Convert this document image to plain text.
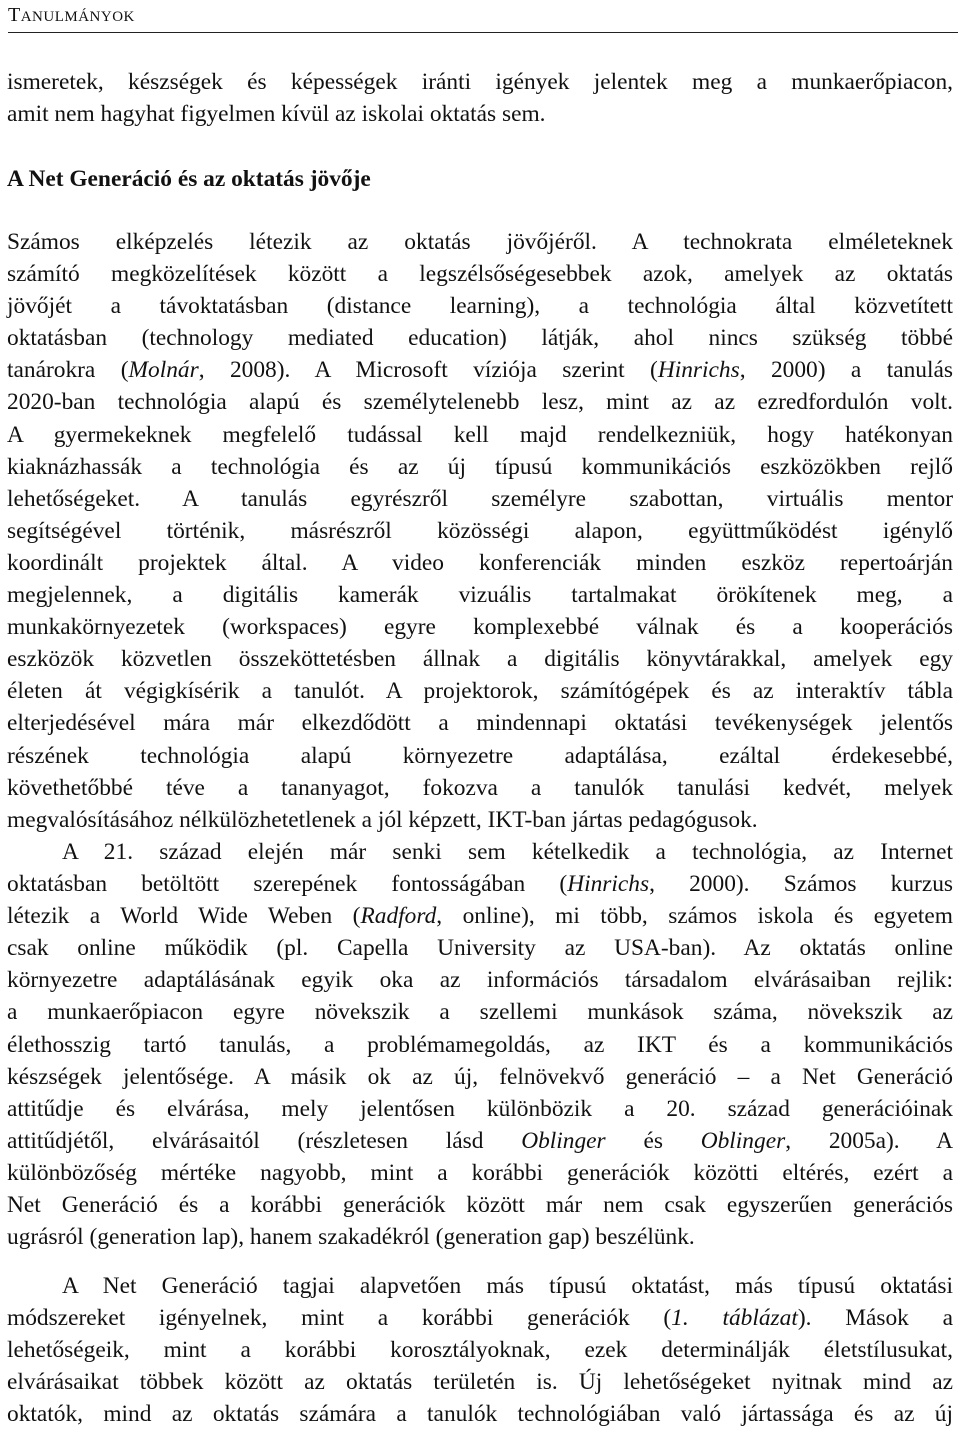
TANULMÁNYOK
ismeretek, készségek és képességek iránti igények jelentek meg a munkaerőpiacon,
amit nem hagyhat figyelmen kívül az iskolai oktatás sem.
A Net Generáció és az oktatás jövője
Számos elképzelés létezik az oktatás jövőjéről. A technokrata elméleteknek
számító megközelítések között a legszélsőségesebbek azok, amelyek az oktatás
jövőjét a távoktatásban (distance learning), a technológia által közvetített
oktatásban (technology mediated education) látják, ahol nincs szükség többé
tanárokra (Molnár, 2008). A Microsoft víziója szerint (Hinrichs, 2000) a tanulás
2020-ban technológia alapú és személytelenebb lesz, mint az az ezredfordulón volt.
A gyermekeknek megfelelő tudással kell majd rendelkezniük, hogy hatékonyan
kiaknázhassák a technológia és az új típusú kommunikációs eszközökben rejlő
lehetőségeket. A tanulás egyrészről személyre szabottan, virtuális mentor
segítségével történik, másrészről közösségi alapon, együttműködést igénylő
koordinált projektek által. A video konferenciák minden eszköz repertoárján
megjelennek, a digitális kamerák vizuális tartalmakat örökítenek meg, a
munkakörnyezetek (workspaces) egyre komplexebbé válnak és a kooperációs
eszközök közvetlen összeköttetésben állnak a digitális könyvtárakkal, amelyek egy
életen át végigkísérik a tanulót. A projektorok, számítógépek és az interaktív tábla
elterjedésével mára már elkezdődött a mindennapi oktatási tevékenységek jelentős
részének technológia alapú környezetre adaptálása, ezáltal érdekesebbé,
követhetőbbé téve a tananyagot, fokozva a tanulók tanulási kedvét, melyek
megvalósításához nélkülözhetetlenek a jól képzett, IKT-ban jártas pedagógusok.
A 21. század elején már senki sem kételkedik a technológia, az Internet
oktatásban betöltött szerepének fontosságában (Hinrichs, 2000). Számos kurzus
létezik a World Wide Weben (Radford, online), mi több, számos iskola és egyetem
csak online működik (pl. Capella University az USA-ban). Az oktatás online
környezetre adaptálásának egyik oka az információs társadalom elvárásaiban rejlik:
a munkaerőpiacon egyre növekszik a szellemi munkások száma, növekszik az
élethosszig tartó tanulás, a problémamegoldás, az IKT és a kommunikációs
készségek jelentősége. A másik ok az új, felnövekvő generáció – a Net Generáció
attitűdje és elvárása, mely jelentősen különbözik a 20. század generációinak
attitűdjétől, elvárásaitól (részletesen lásd Oblinger és Oblinger, 2005a). A
különbözőség mértéke nagyobb, mint a korábbi generációk közötti eltérés, ezért a
Net Generáció és a korábbi generációk között már nem csak egyszerűen generációs
ugrásról (generation lap), hanem szakadékról (generation gap) beszélünk.
A Net Generáció tagjai alapvetően más típusú oktatást, más típusú oktatási
módszereket igényelnek, mint a korábbi generációk (1. táblázat). Mások a
lehetőségeik, mint a korábbi korosztályoknak, ezek determinálják életstílusukat,
elvárásaikat többek között az oktatás területén is. Új lehetőségeket nyitnak mind az
oktatók, mind az oktatás számára a tanulók technológiában való jártassága és az új
